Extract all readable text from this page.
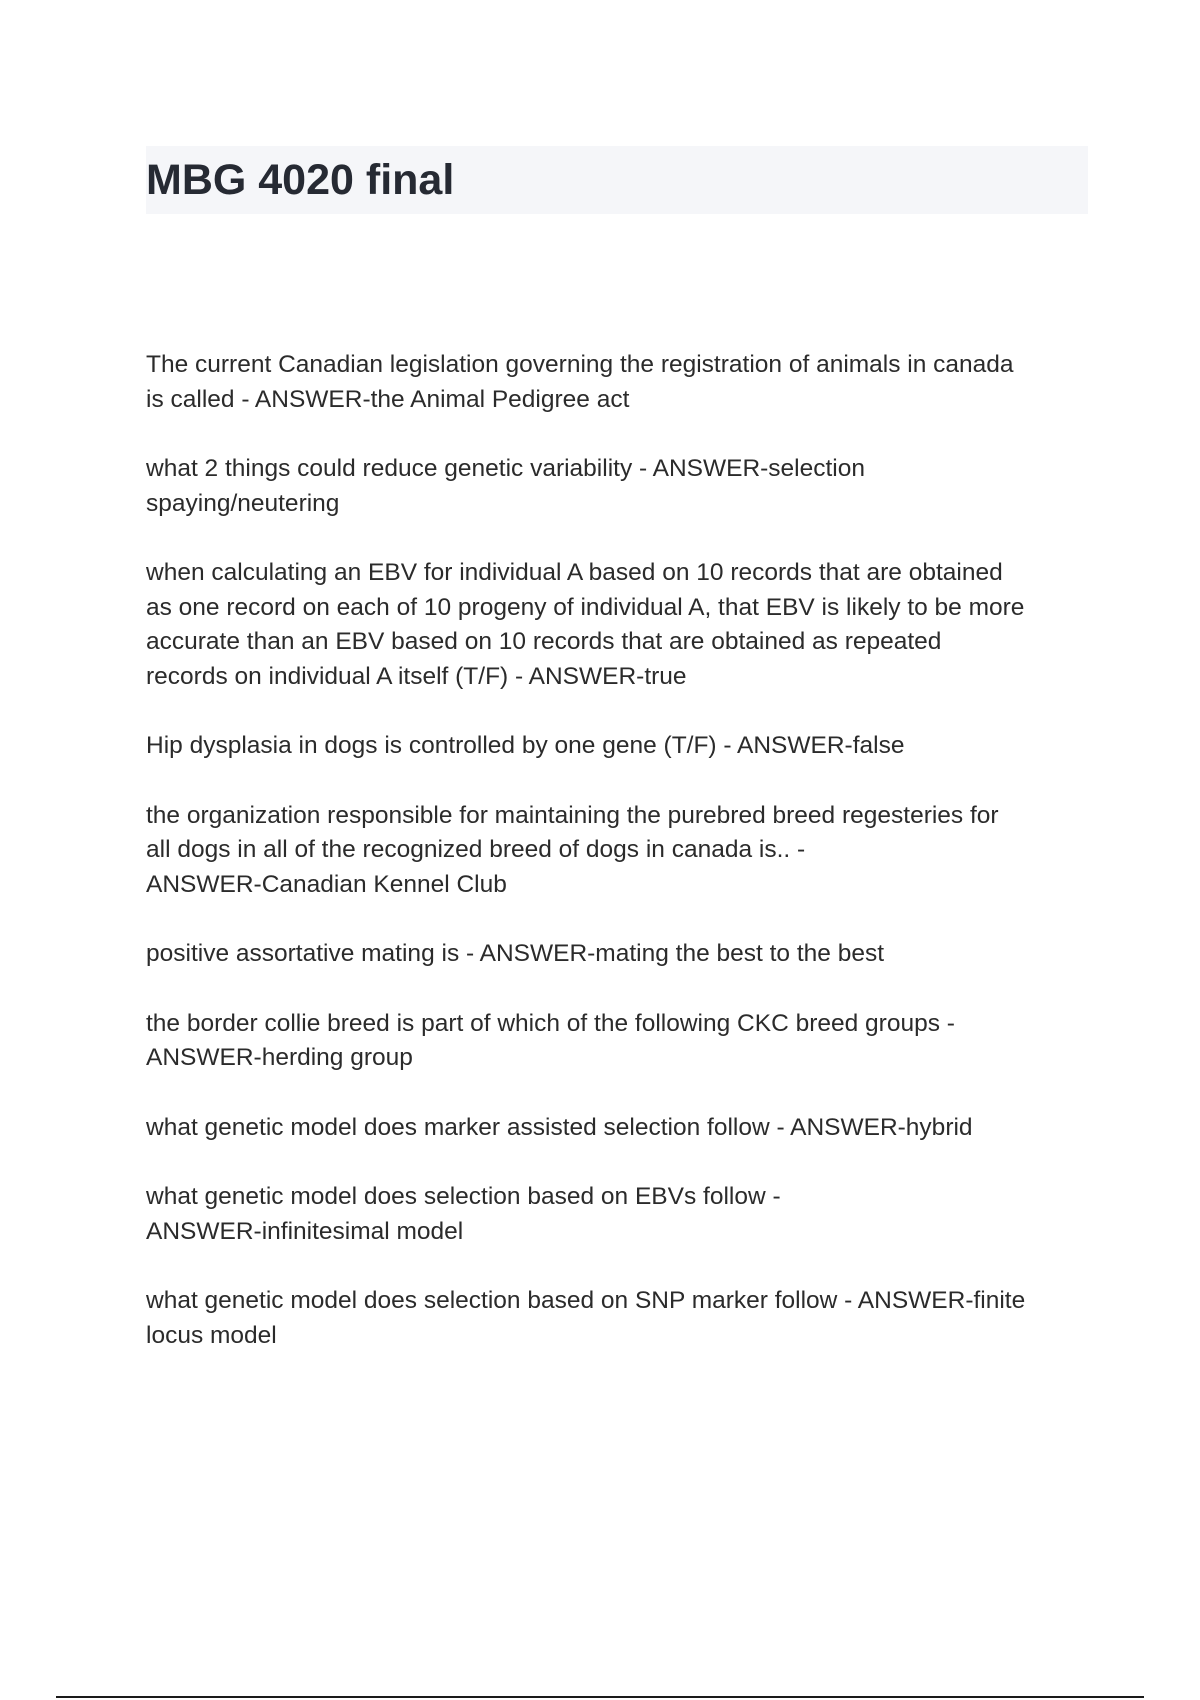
MBG 4020 final
The current Canadian legislation governing the registration of animals in canada
is called - ANSWER-the Animal Pedigree act
what 2 things could reduce genetic variability - ANSWER-selection
spaying/neutering
when calculating an EBV for individual A based on 10 records that are obtained
as one record on each of 10 progeny of individual A, that EBV is likely to be more
accurate than an EBV based on 10 records that are obtained as repeated
records on individual A itself (T/F) - ANSWER-true
Hip dysplasia in dogs is controlled by one gene (T/F) - ANSWER-false
the organization responsible for maintaining the purebred breed regesteries for
all dogs in all of the recognized breed of dogs in canada is.. -
ANSWER-Canadian Kennel Club
positive assortative mating is - ANSWER-mating the best to the best
the border collie breed is part of which of the following CKC breed groups -
ANSWER-herding group
what genetic model does marker assisted selection follow - ANSWER-hybrid
what genetic model does selection based on EBVs follow -
ANSWER-infinitesimal model
what genetic model does selection based on SNP marker follow - ANSWER-finite
locus model
